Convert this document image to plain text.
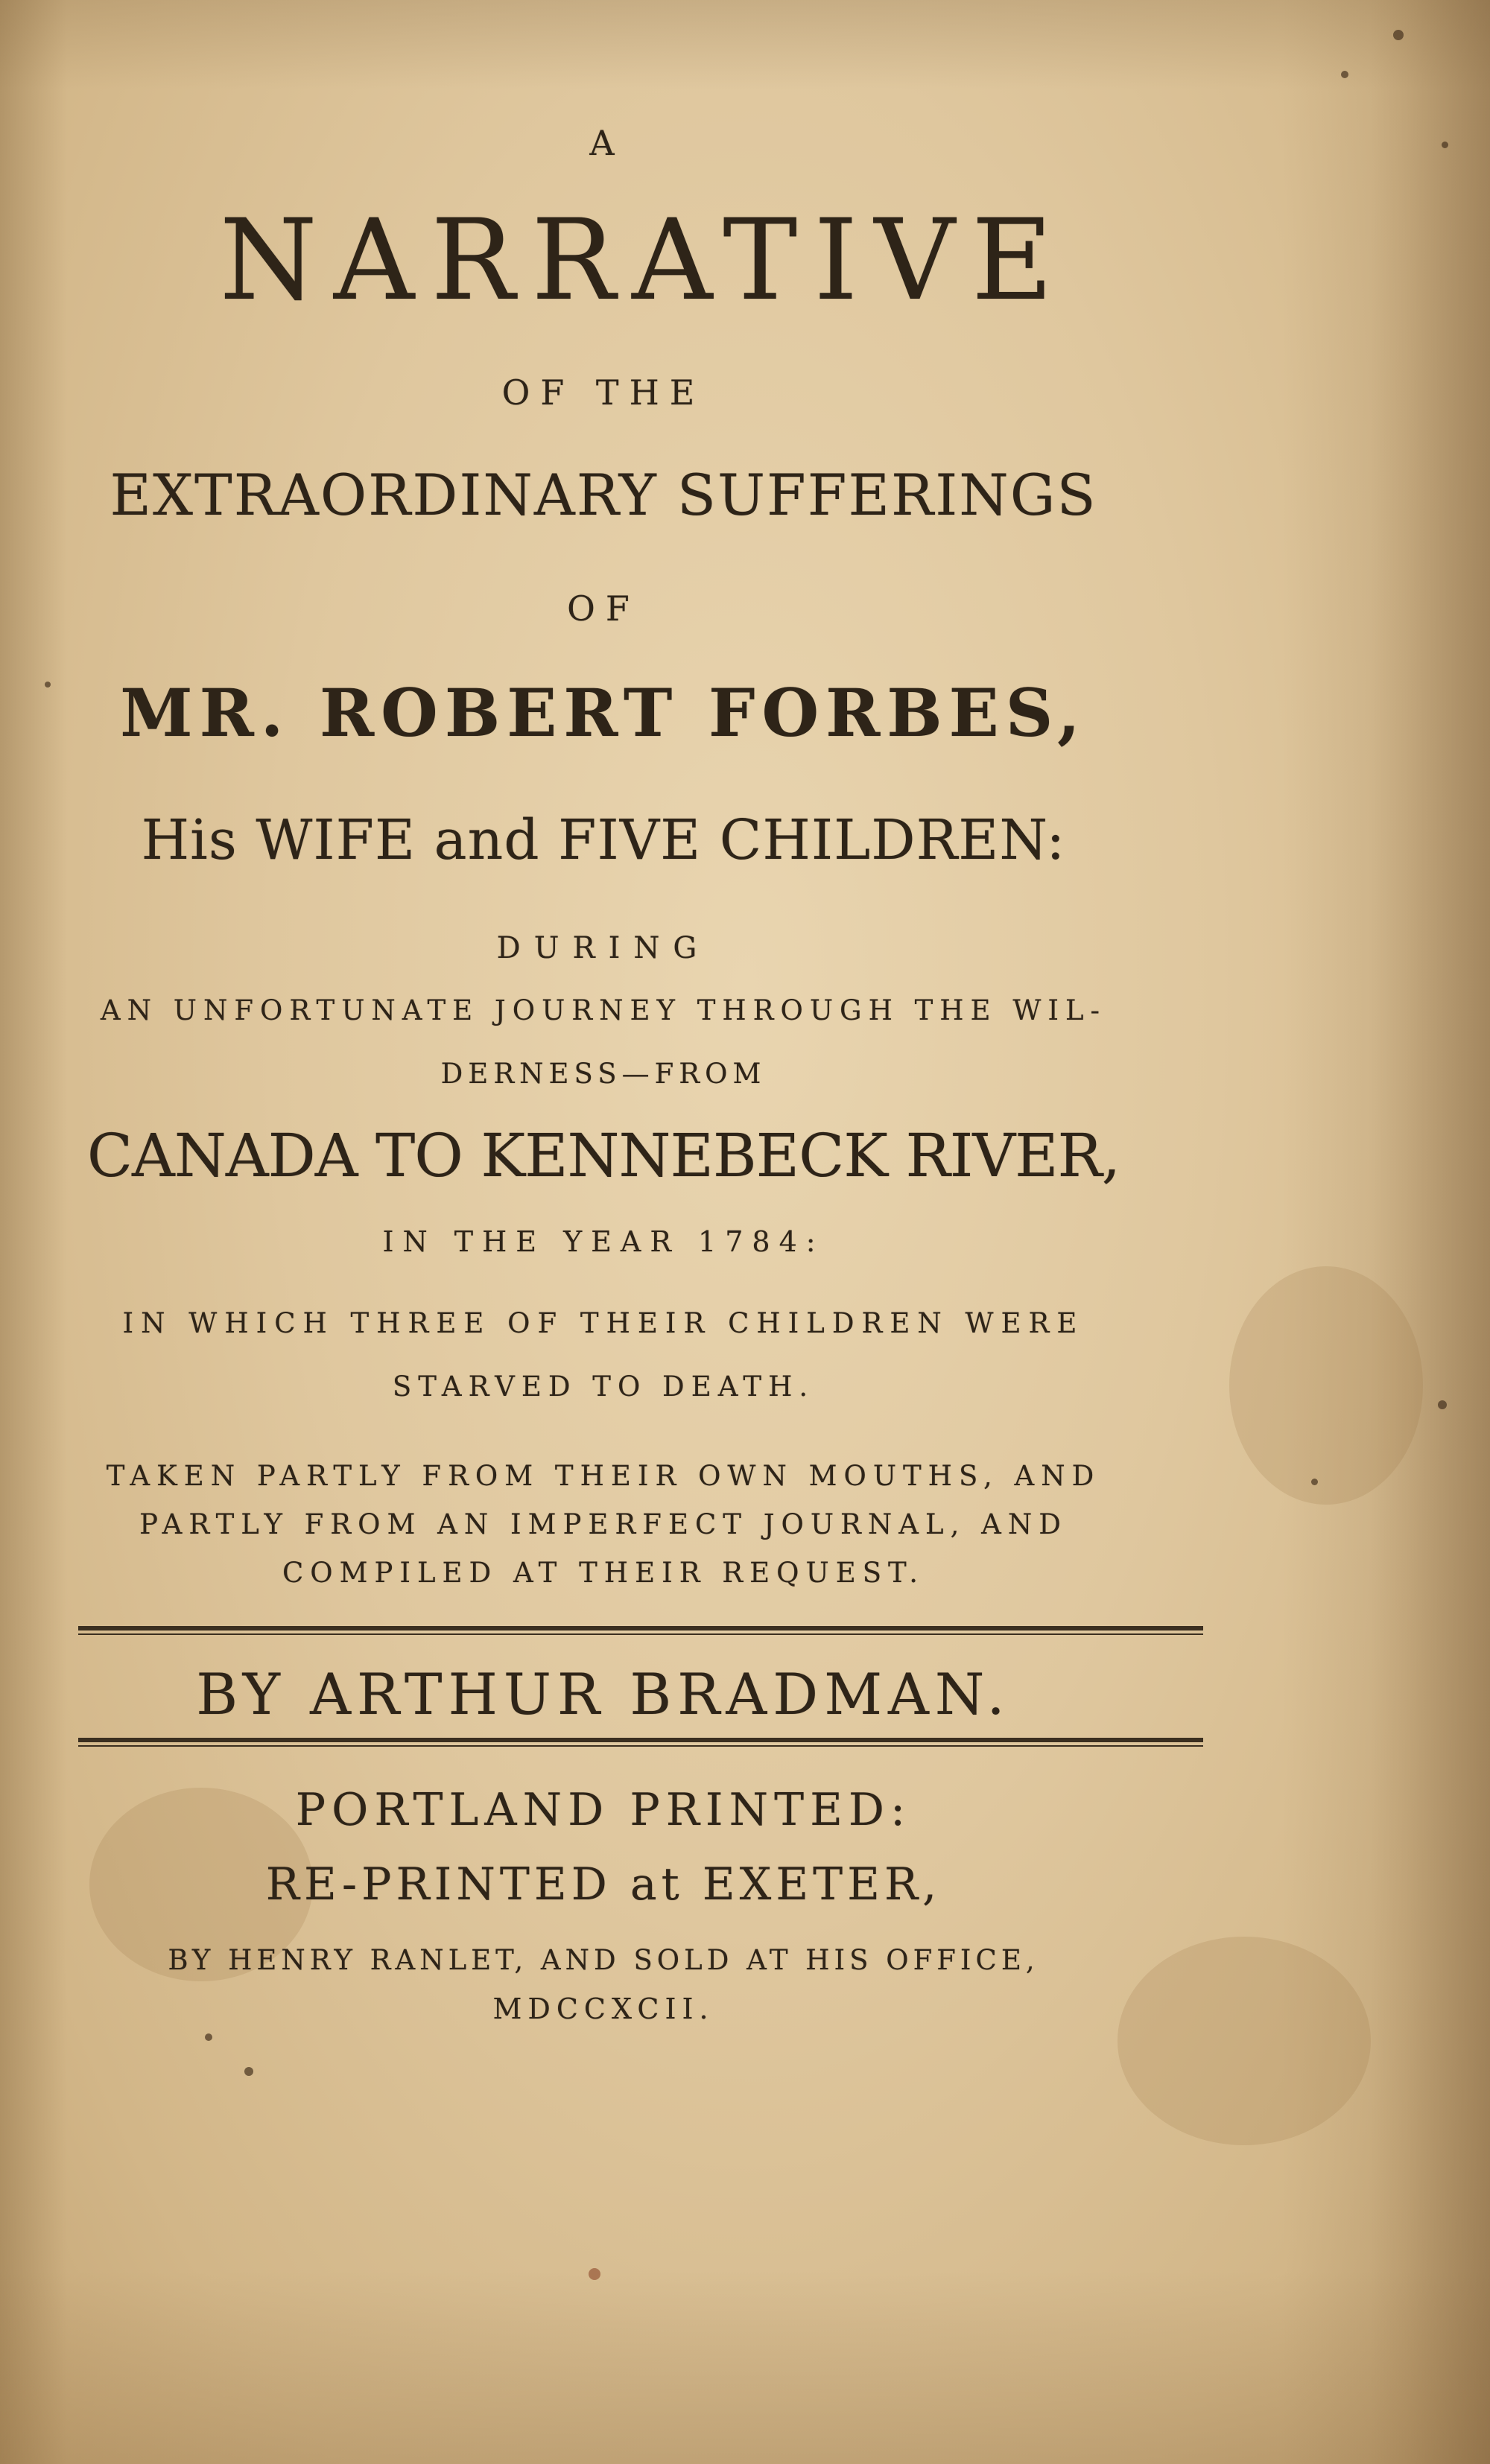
A
NARRATIVE
OF THE
EXTRAORDINARY SUFFERINGS
OF
MR. ROBERT FORBES,
His WIFE and FIVE CHILDREN:
DURING
AN UNFORTUNATE JOURNEY THROUGH THE WIL-
DERNESS—FROM
CANADA TO KENNEBECK RIVER,
IN THE YEAR 1784:
IN WHICH THREE OF THEIR CHILDREN WERE
STARVED TO DEATH.
TAKEN PARTLY FROM THEIR OWN MOUTHS, AND
PARTLY FROM AN IMPERFECT JOURNAL, AND
COMPILED AT THEIR REQUEST.
BY ARTHUR BRADMAN.
PORTLAND PRINTED:
RE-PRINTED at EXETER,
BY HENRY RANLET, AND SOLD AT HIS OFFICE,
MDCCXCII.
